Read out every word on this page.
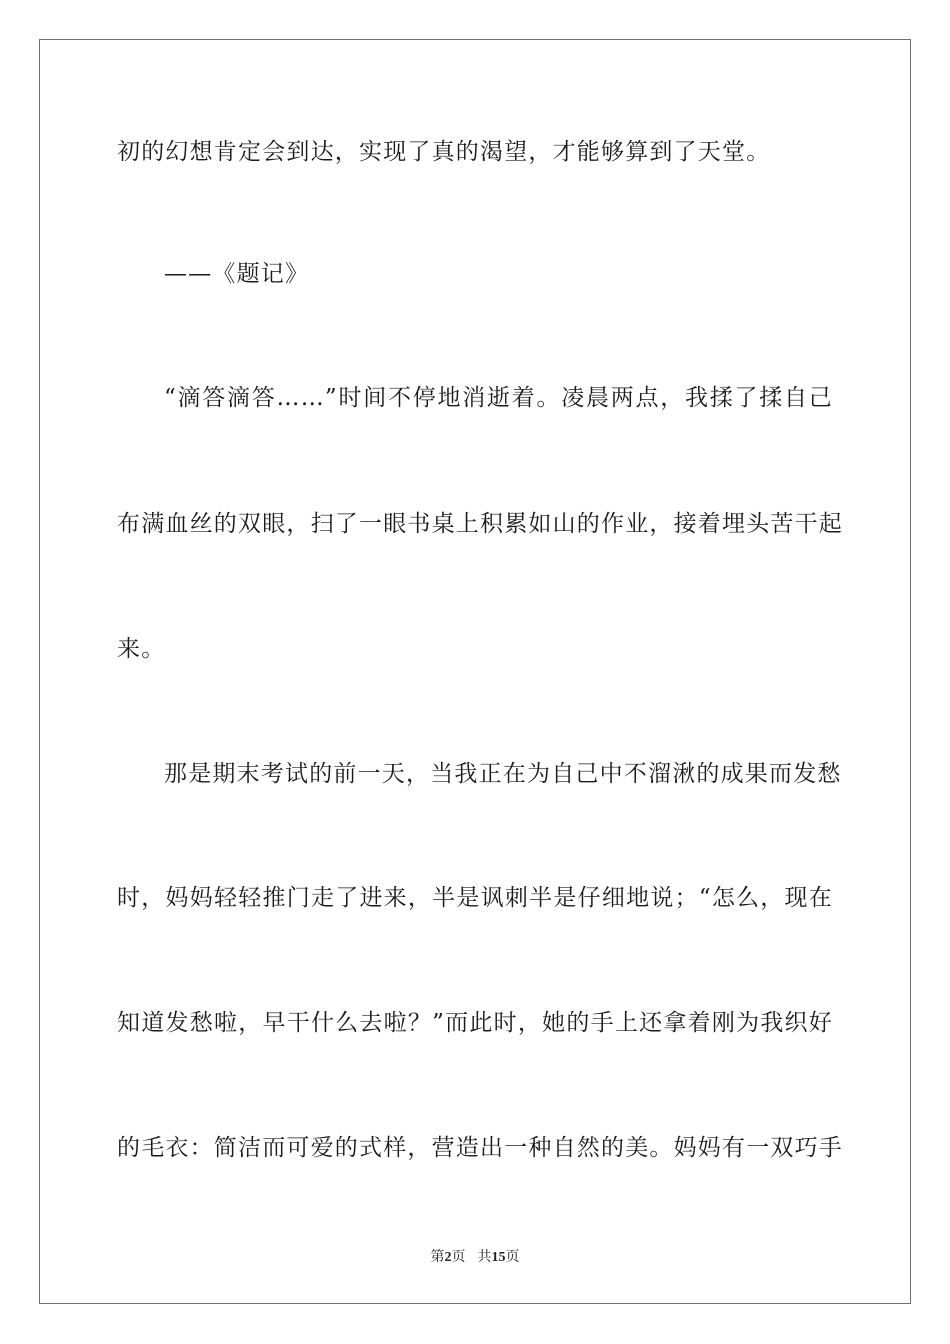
初的幻想肯定会到达，实现了真的渴望，才能够算到了天堂。
——《题记》
“滴答滴答……”时间不停地消逝着。凌晨两点，我揉了揉自己
布满血丝的双眼，扫了一眼书桌上积累如山的作业，接着埋头苦干起
来。
那是期末考试的前一天，当我正在为自己中不溜湫的成果而发愁
时，妈妈轻轻推门走了进来，半是讽刺半是仔细地说；“怎么，现在
知道发愁啦，早干什么去啦？”而此时，她的手上还拿着刚为我织好
的毛衣：简洁而可爱的式样，营造出一种自然的美。妈妈有一双巧手
第2页 共15页
